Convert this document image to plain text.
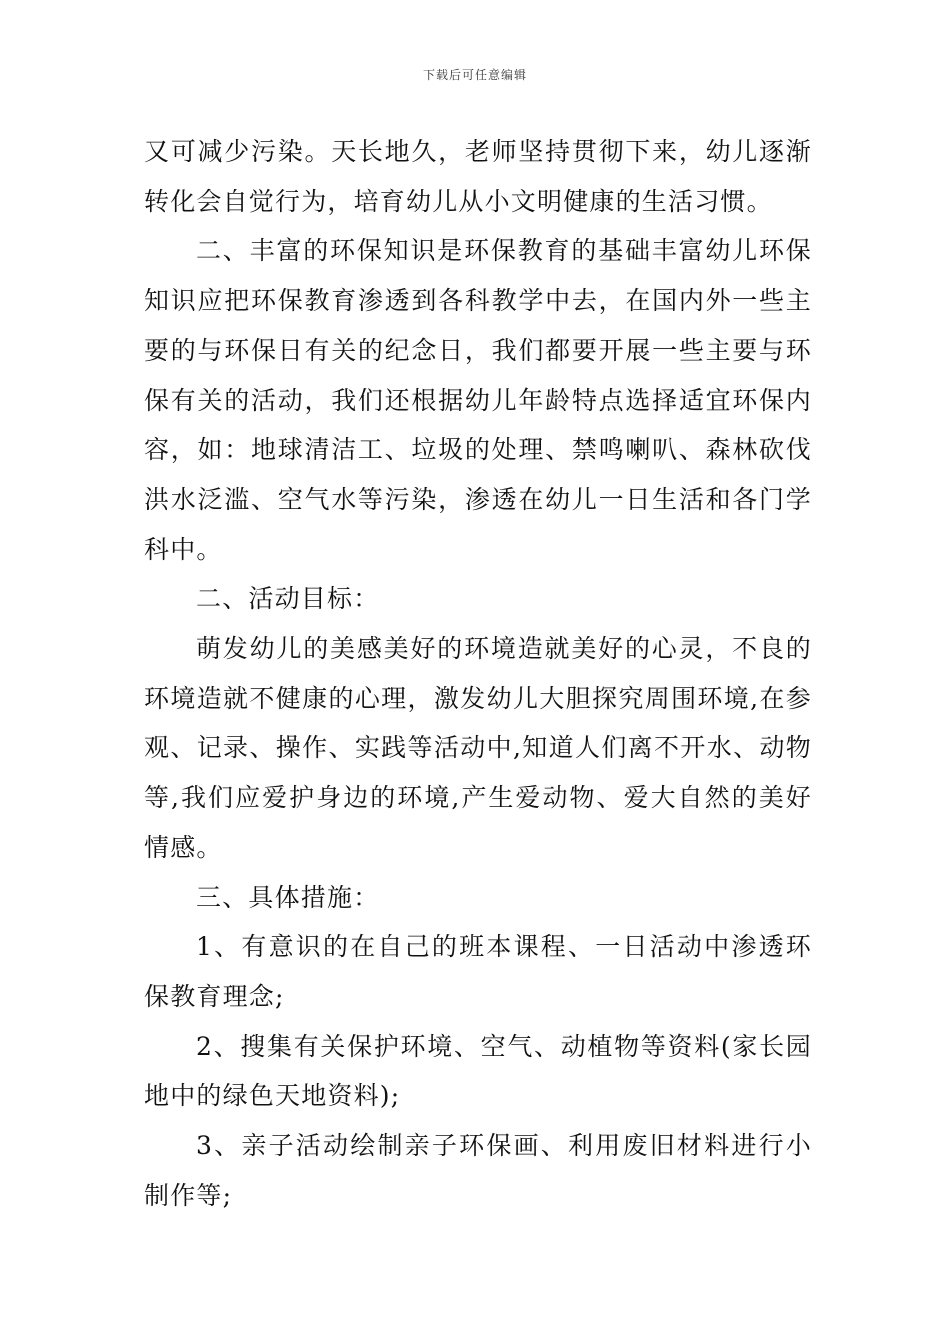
下载后可任意编辑

又可减少污染。天长地久，老师坚持贯彻下来，幼儿逐渐转化会自觉行为，培育幼儿从小文明健康的生活习惯。

二、丰富的环保知识是环保教育的基础丰富幼儿环保知识应把环保教育渗透到各科教学中去，在国内外一些主要的与环保日有关的纪念日，我们都要开展一些主要与环保有关的活动，我们还根据幼儿年龄特点选择适宜环保内容，如：地球清洁工、垃圾的处理、禁鸣喇叭、森林砍伐洪水泛滥、空气水等污染，渗透在幼儿一日生活和各门学科中。

二、活动目标：

萌发幼儿的美感美好的环境造就美好的心灵，不良的环境造就不健康的心理，激发幼儿大胆探究周围环境,在参观、记录、操作、实践等活动中,知道人们离不开水、动物等,我们应爱护身边的环境,产生爱动物、爱大自然的美好情感。

三、具体措施：

1、有意识的在自己的班本课程、一日活动中渗透环保教育理念;

2、搜集有关保护环境、空气、动植物等资料(家长园地中的绿色天地资料);

3、亲子活动绘制亲子环保画、利用废旧材料进行小制作等;
